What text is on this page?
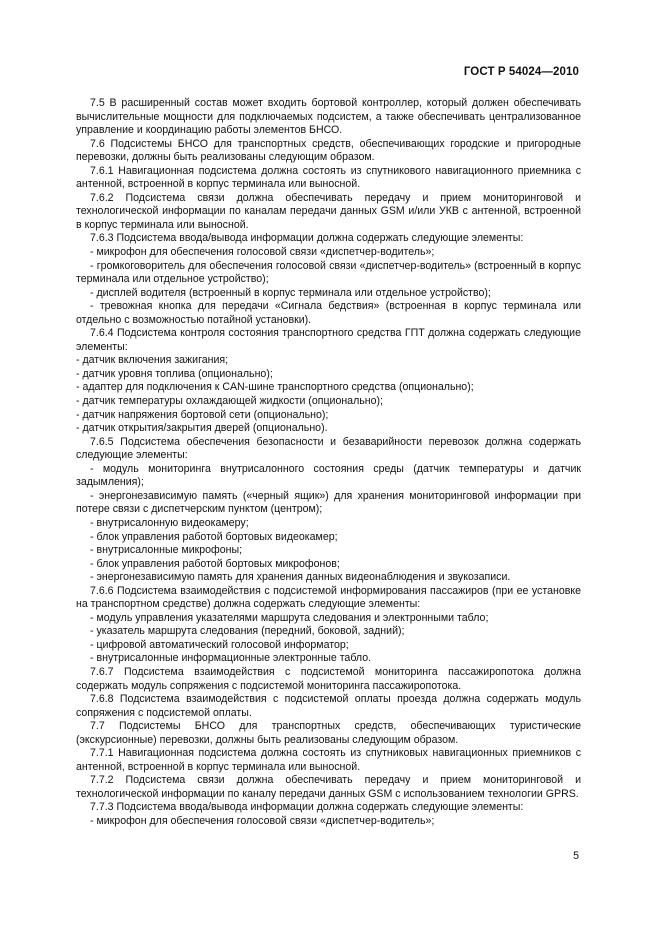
ГОСТ Р 54024—2010
7.5 В расширенный состав может входить бортовой контроллер, который должен обеспечивать вычислительные мощности для подключаемых подсистем, а также обеспечивать централизованное управление и координацию работы элементов БНСО.
7.6 Подсистемы БНСО для транспортных средств, обеспечивающих городские и пригородные перевозки, должны быть реализованы следующим образом.
7.6.1 Навигационная подсистема должна состоять из спутникового навигационного приемника с антенной, встроенной в корпус терминала или выносной.
7.6.2 Подсистема связи должна обеспечивать передачу и прием мониторинговой и технологической информации по каналам передачи данных GSM и/или УКВ с антенной, встроенной в корпус терминала или выносной.
7.6.3 Подсистема ввода/вывода информации должна содержать следующие элементы:
- микрофон для обеспечения голосовой связи «диспетчер-водитель»;
- громкоговоритель для обеспечения голосовой связи «диспетчер-водитель» (встроенный в корпус терминала или отдельное устройство);
- дисплей водителя (встроенный в корпус терминала или отдельное устройство);
- тревожная кнопка для передачи «Сигнала бедствия» (встроенная в корпус терминала или отдельно с возможностью потайной установки).
7.6.4 Подсистема контроля состояния транспортного средства ГПТ должна содержать следующие элементы:
- датчик включения зажигания;
- датчик уровня топлива (опционально);
- адаптер для подключения к CAN-шине транспортного средства (опционально);
- датчик температуры охлаждающей жидкости (опционально);
- датчик напряжения бортовой сети (опционально);
- датчик открытия/закрытия дверей (опционально).
7.6.5 Подсистема обеспечения безопасности и безаварийности перевозок должна содержать следующие элементы:
- модуль мониторинга внутрисалонного состояния среды (датчик температуры и датчик задымления);
- энергонезависимую память («черный ящик») для хранения мониторинговой информации при потере связи с диспетчерским пунктом (центром);
- внутрисалонную видеокамеру;
- блок управления работой бортовых видеокамер;
- внутрисалонные микрофоны;
- блок управления работой бортовых микрофонов;
- энергонезависимую память для хранения данных видеонаблюдения и звукозаписи.
7.6.6 Подсистема взаимодействия с подсистемой информирования пассажиров (при ее установке на транспортном средстве) должна содержать следующие элементы:
- модуль управления указателями маршрута следования и электронными табло;
- указатель маршрута следования (передний, боковой, задний);
- цифровой автоматический голосовой информатор;
- внутрисалонные информационные электронные табло.
7.6.7 Подсистема взаимодействия с подсистемой мониторинга пассажиропотока должна содержать модуль сопряжения с подсистемой мониторинга пассажиропотока.
7.6.8 Подсистема взаимодействия с подсистемой оплаты проезда должна содержать модуль сопряжения с подсистемой оплаты.
7.7 Подсистемы БНСО для транспортных средств, обеспечивающих туристические (экскурсионные) перевозки, должны быть реализованы следующим образом.
7.7.1 Навигационная подсистема должна состоять из спутниковых навигационных приемников с антенной, встроенной в корпус терминала или выносной.
7.7.2 Подсистема связи должна обеспечивать передачу и прием мониторинговой и технологической информации по каналу передачи данных GSM с использованием технологии GPRS.
7.7.3 Подсистема ввода/вывода информации должна содержать следующие элементы:
- микрофон для обеспечения голосовой связи «диспетчер-водитель»;
5
